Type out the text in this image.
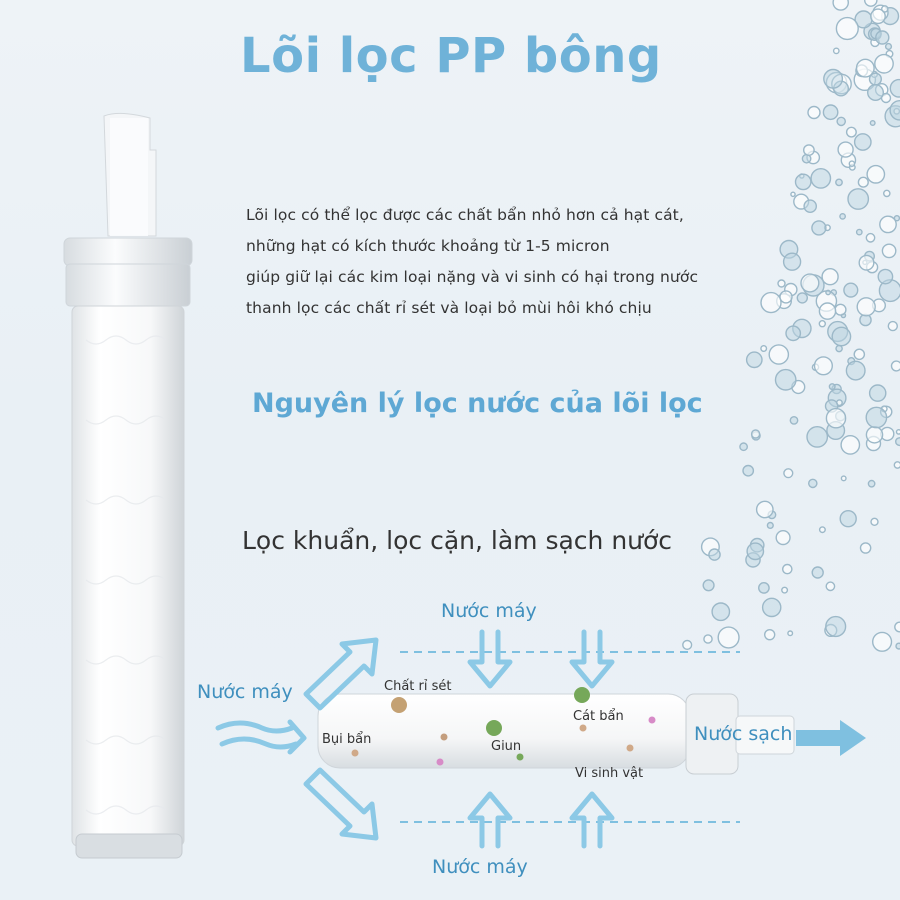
Lõi lọc PP bông
Lõi lọc có thể lọc được các chất bẩn nhỏ hơn cả hạt cát,
những hạt có kích thước khoảng từ 1-5 micron
giúp giữ lại các kim loại nặng và vi sinh có hại trong nước
thanh lọc các chất rỉ sét và loại bỏ mùi hôi khó chịu
Nguyên lý lọc nước của lõi lọc
Lọc khuẩn, lọc cặn, làm sạch nước
Nước máy
Nước máy
Nước máy
Nước sạch
Chất rỉ sét
Bụi bẩn	Giun
Cát bẩn
Vi sinh vật
